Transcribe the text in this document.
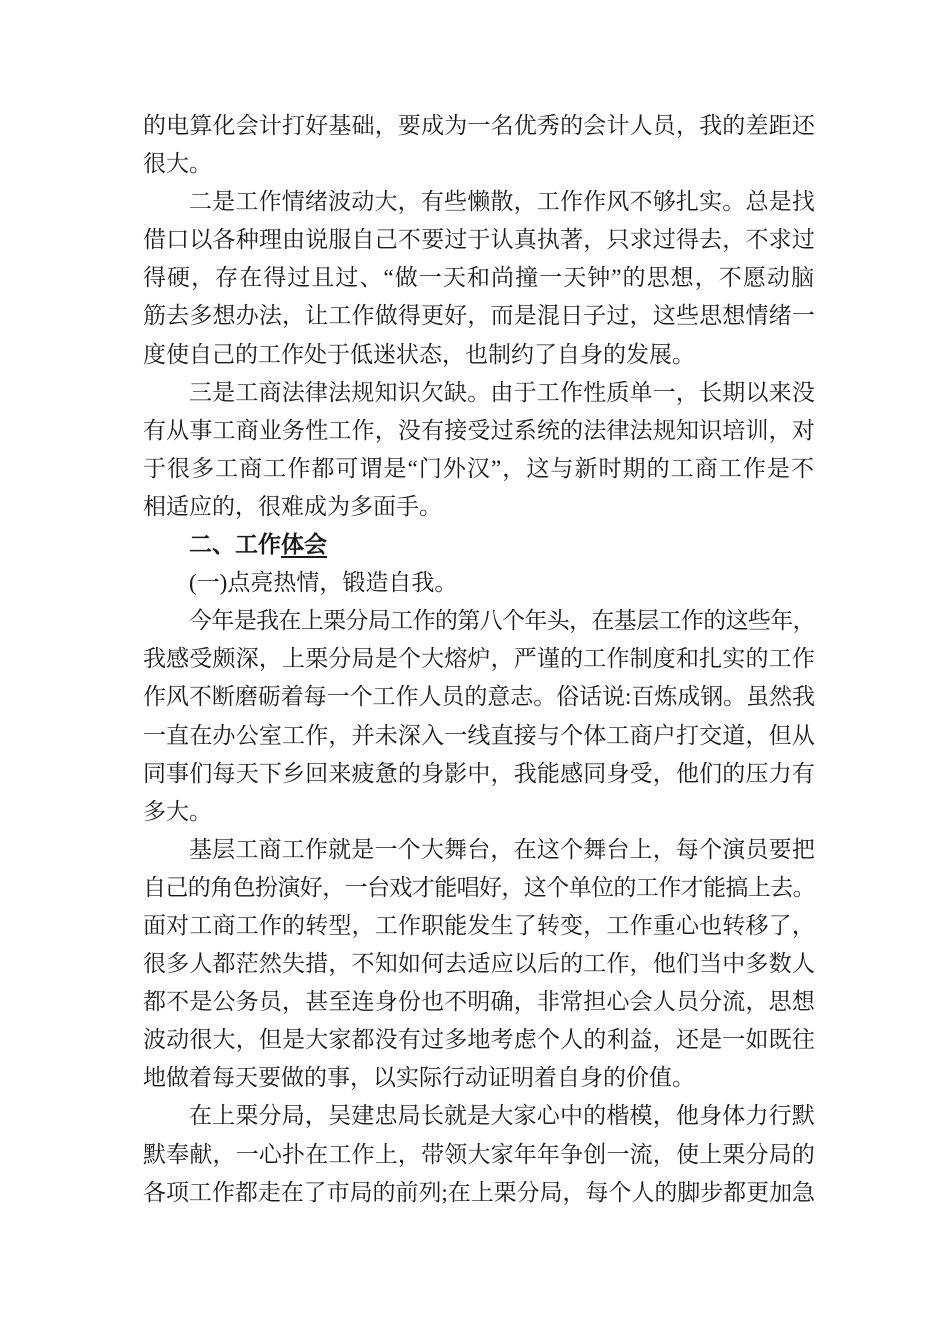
的电算化会计打好基础，要成为一名优秀的会计人员，我的差距还
很大。
二是工作情绪波动大，有些懒散，工作作风不够扎实。总是找
借口以各种理由说服自己不要过于认真执著，只求过得去，不求过
得硬，存在得过且过、“做一天和尚撞一天钟”的思想，不愿动脑
筋去多想办法，让工作做得更好，而是混日子过，这些思想情绪一
度使自己的工作处于低迷状态，也制约了自身的发展。
三是工商法律法规知识欠缺。由于工作性质单一，长期以来没
有从事工商业务性工作，没有接受过系统的法律法规知识培训，对
于很多工商工作都可谓是“门外汉”，这与新时期的工商工作是不
相适应的，很难成为多面手。
二、工作体会
(一)点亮热情，锻造自我。
今年是我在上栗分局工作的第八个年头，在基层工作的这些年，
我感受颇深，上栗分局是个大熔炉，严谨的工作制度和扎实的工作
作风不断磨砺着每一个工作人员的意志。俗话说:百炼成钢。虽然我
一直在办公室工作，并未深入一线直接与个体工商户打交道，但从
同事们每天下乡回来疲惫的身影中，我能感同身受，他们的压力有
多大。
基层工商工作就是一个大舞台，在这个舞台上，每个演员要把
自己的角色扮演好，一台戏才能唱好，这个单位的工作才能搞上去。
面对工商工作的转型，工作职能发生了转变，工作重心也转移了，
很多人都茫然失措，不知如何去适应以后的工作，他们当中多数人
都不是公务员，甚至连身份也不明确，非常担心会人员分流，思想
波动很大，但是大家都没有过多地考虑个人的利益，还是一如既往
地做着每天要做的事，以实际行动证明着自身的价值。
在上栗分局，吴建忠局长就是大家心中的楷模，他身体力行默
默奉献，一心扑在工作上，带领大家年年争创一流，使上栗分局的
各项工作都走在了市局的前列;在上栗分局，每个人的脚步都更加急
